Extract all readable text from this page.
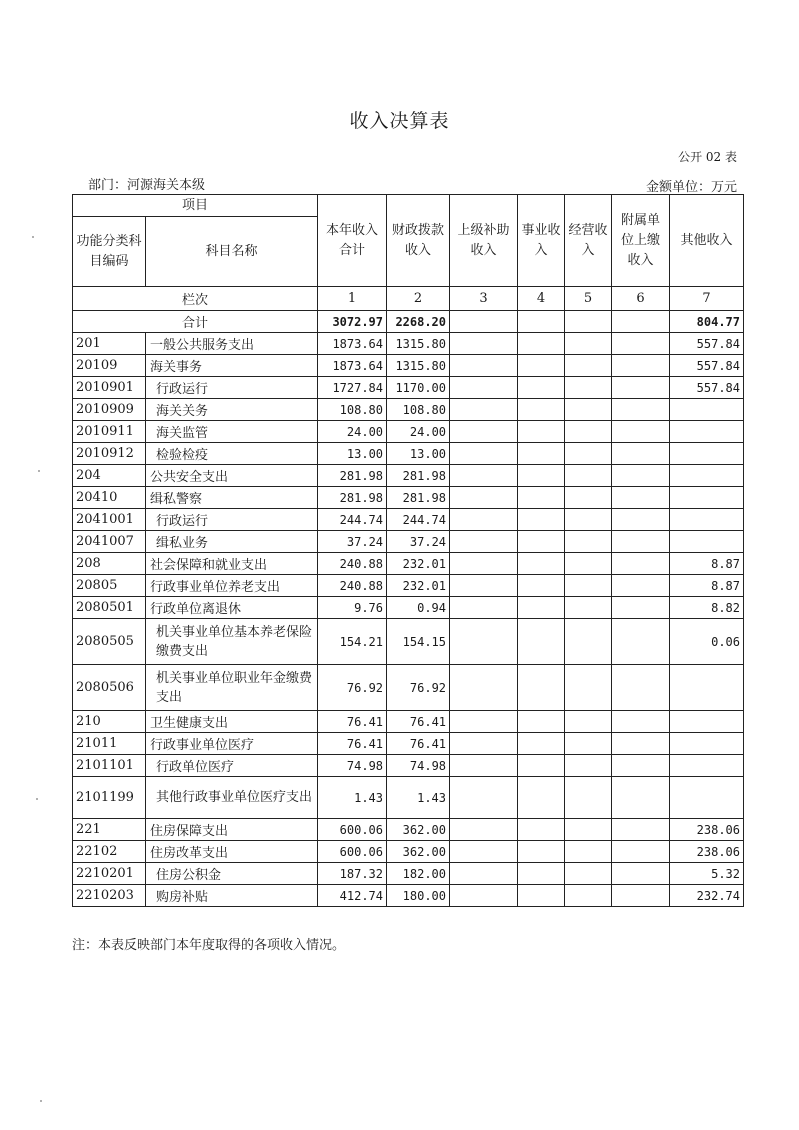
收入决算表
公开 02 表
部门：河源海关本级	金额单位：万元
项目		本年收入合计	财政拨款收入	上级补助收入	事业收入	经营收入	附属单位上缴收入	其他收入
功能分类科目编码	科目名称							
栏次		1	2	3	4	5	6	7
合计		3072.97	2268.20					804.77
201	一般公共服务支出	1873.64	1315.80					557.84
20109	海关事务	1873.64	1315.80					557.84
2010901	行政运行	1727.84	1170.00					557.84
2010909	海关关务	108.80	108.80					
2010911	海关监管	24.00	24.00					
2010912	检验检疫	13.00	13.00					
204	公共安全支出	281.98	281.98					
20410	缉私警察	281.98	281.98					
2041001	行政运行	244.74	244.74					
2041007	缉私业务	37.24	37.24					
208	社会保障和就业支出	240.88	232.01					8.87
20805	行政事业单位养老支出	240.88	232.01					8.87
2080501	行政单位离退休	9.76	0.94					8.82
2080505	机关事业单位基本养老保险缴费支出	154.21	154.15					0.06
2080506	机关事业单位职业年金缴费支出	76.92	76.92					
210	卫生健康支出	76.41	76.41					
21011	行政事业单位医疗	76.41	76.41					
2101101	行政单位医疗	74.98	74.98					
2101199	其他行政事业单位医疗支出	1.43	1.43					
221	住房保障支出	600.06	362.00					238.06
22102	住房改革支出	600.06	362.00					238.06
2210201	住房公积金	187.32	182.00					5.32
2210203	购房补贴	412.74	180.00					232.74
注：本表反映部门本年度取得的各项收入情况。
